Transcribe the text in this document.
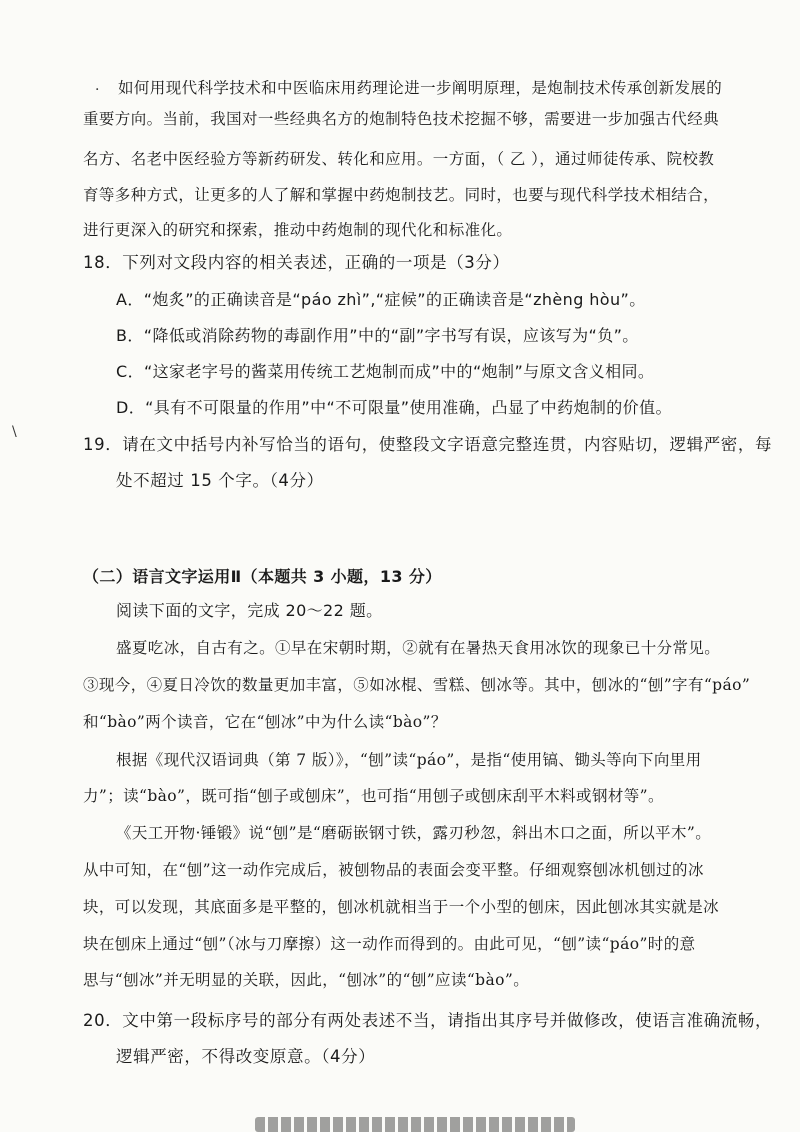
·
\
如何用现代科学技术和中医临床用药理论进一步阐明原理，是炮制技术传承创新发展的
重要方向。当前，我国对一些经典名方的炮制特色技术挖掘不够，需要进一步加强古代经典
名方、名老中医经验方等新药研发、转化和应用。一方面，（ 乙 ），通过师徒传承、院校教
育等多种方式，让更多的人了解和掌握中药炮制技艺。同时，也要与现代科学技术相结合，
进行更深入的研究和探索，推动中药炮制的现代化和标准化。
18．下列对文段内容的相关表述，正确的一项是（3分）
A．“炮炙”的正确读音是“páo zhì”,“症候”的正确读音是“zhèng hòu”。
B．“降低或消除药物的毒副作用”中的“副”字书写有误，应该写为“负”。
C．“这家老字号的酱菜用传统工艺炮制而成”中的“炮制”与原文含义相同。
D．“具有不可限量的作用”中“不可限量”使用准确，凸显了中药炮制的价值。
19．请在文中括号内补写恰当的语句，使整段文字语意完整连贯，内容贴切，逻辑严密，每
处不超过 15 个字。（4分）
（二）语言文字运用Ⅱ（本题共 3 小题，13 分）
阅读下面的文字，完成 20～22 题。
盛夏吃冰，自古有之。①早在宋朝时期，②就有在暑热天食用冰饮的现象已十分常见。
③现今，④夏日冷饮的数量更加丰富，⑤如冰棍、雪糕、刨冰等。其中，刨冰的“刨”字有“páo”
和“bào”两个读音，它在“刨冰”中为什么读“bào”？
根据《现代汉语词典（第 7 版）》，“刨”读“páo”，是指“使用镐、锄头等向下向里用
力”；读“bào”，既可指“刨子或刨床”，也可指“用刨子或刨床刮平木料或钢材等”。
《天工开物·锤锻》说“刨”是“磨砺嵌钢寸铁，露刃秒忽，斜出木口之面，所以平木”。
从中可知，在“刨”这一动作完成后，被刨物品的表面会变平整。仔细观察刨冰机刨过的冰
块，可以发现，其底面多是平整的，刨冰机就相当于一个小型的刨床，因此刨冰其实就是冰
块在刨床上通过“刨”（冰与刀摩擦）这一动作而得到的。由此可见，“刨”读“páo”时的意
思与“刨冰”并无明显的关联，因此，“刨冰”的“刨”应读“bào”。
20．文中第一段标序号的部分有两处表述不当，请指出其序号并做修改，使语言准确流畅，
逻辑严密，不得改变原意。（4分）
